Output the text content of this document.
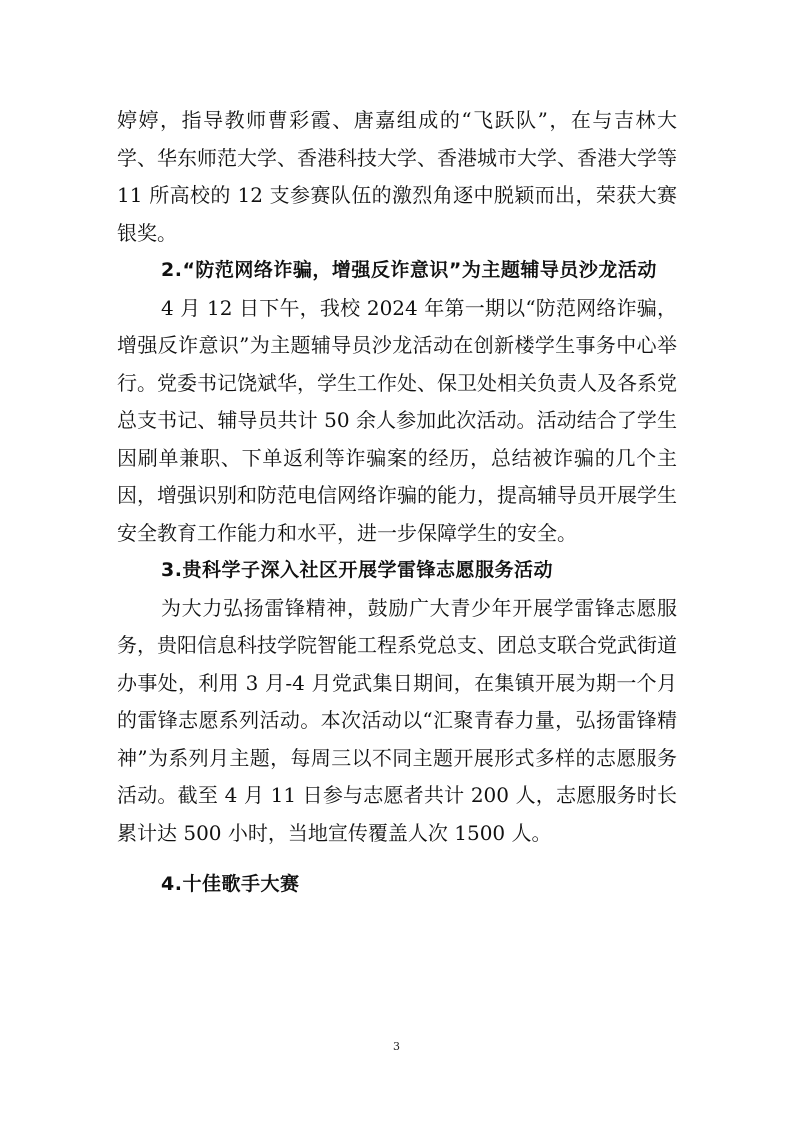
婷婷，指导教师曹彩霞、唐嘉组成的“飞跃队”，在与吉林大学、华东师范大学、香港科技大学、香港城市大学、香港大学等 11 所高校的 12 支参赛队伍的激烈角逐中脱颖而出，荣获大赛银奖。

2.“防范网络诈骗，增强反诈意识”为主题辅导员沙龙活动

4 月 12 日下午，我校 2024 年第一期以“防范网络诈骗，增强反诈意识”为主题辅导员沙龙活动在创新楼学生事务中心举行。党委书记饶斌华，学生工作处、保卫处相关负责人及各系党总支书记、辅导员共计 50 余人参加此次活动。活动结合了学生因刷单兼职、下单返利等诈骗案的经历，总结被诈骗的几个主因，增强识别和防范电信网络诈骗的能力，提高辅导员开展学生安全教育工作能力和水平，进一步保障学生的安全。

3.贵科学子深入社区开展学雷锋志愿服务活动

为大力弘扬雷锋精神，鼓励广大青少年开展学雷锋志愿服务，贵阳信息科技学院智能工程系党总支、团总支联合党武街道办事处，利用 3 月-4 月党武集日期间，在集镇开展为期一个月的雷锋志愿系列活动。本次活动以“汇聚青春力量，弘扬雷锋精神”为系列月主题，每周三以不同主题开展形式多样的志愿服务活动。截至 4 月 11 日参与志愿者共计 200 人，志愿服务时长累计达 500 小时，当地宣传覆盖人次 1500 人。

4.十佳歌手大赛

3
